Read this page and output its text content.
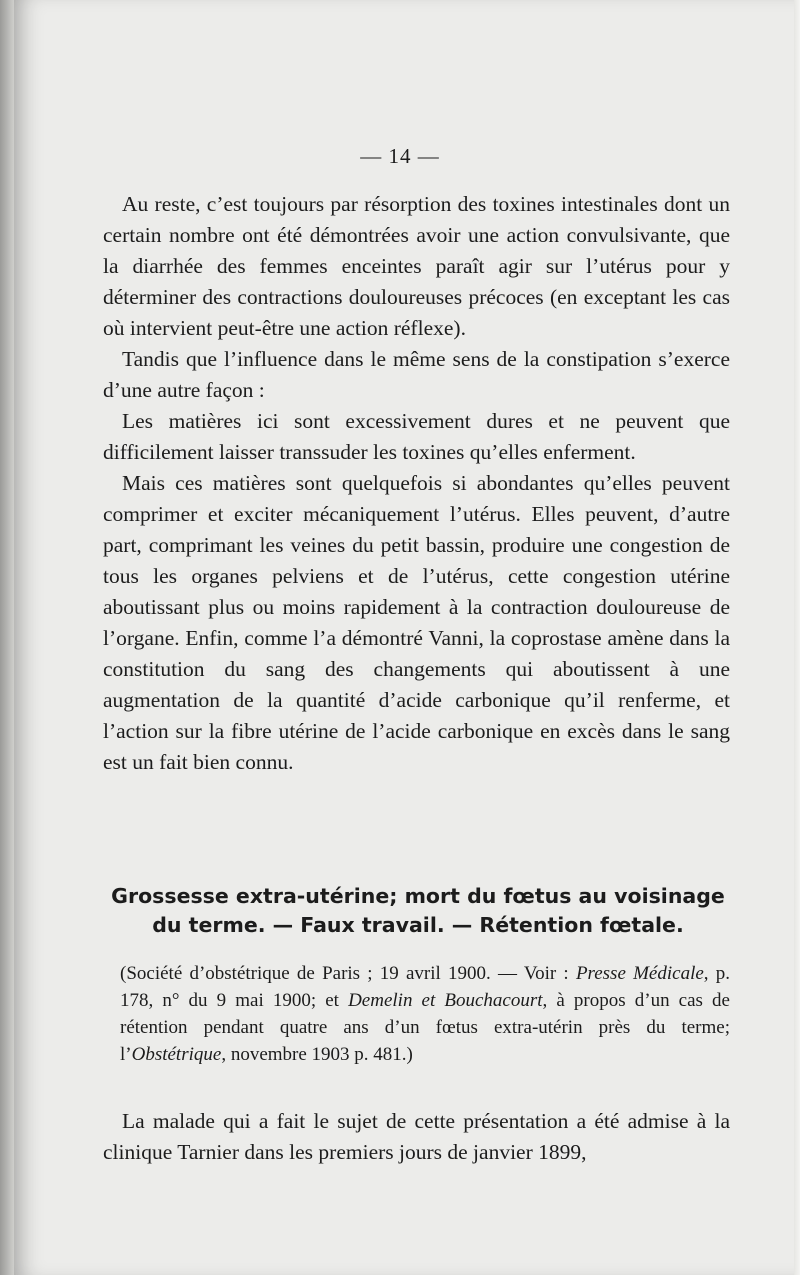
— 14 —

Au reste, c’est toujours par résorption des toxines intestinales dont un certain nombre ont été démontrées avoir une action convulsivante, que la diarrhée des femmes enceintes paraît agir sur l’utérus pour y déterminer des contractions douloureuses précoces (en exceptant les cas où intervient peut-être une action réflexe).

Tandis que l’influence dans le même sens de la constipation s’exerce d’une autre façon :

Les matières ici sont excessivement dures et ne peuvent que difficilement laisser transsuder les toxines qu’elles enferment.

Mais ces matières sont quelquefois si abondantes qu’elles peuvent comprimer et exciter mécaniquement l’utérus. Elles peuvent, d’autre part, comprimant les veines du petit bassin, produire une congestion de tous les organes pelviens et de l’utérus, cette congestion utérine aboutissant plus ou moins rapidement à la contraction douloureuse de l’organe. Enfin, comme l’a démontré Vanni, la coprostase amène dans la constitution du sang des changements qui aboutissent à une augmentation de la quantité d’acide carbonique qu’il renferme, et l’action sur la fibre utérine de l’acide carbonique en excès dans le sang est un fait bien connu.

Grossesse extra-utérine; mort du fœtus au voisinage
du terme. — Faux travail. — Rétention fœtale.
(Société d’obstétrique de Paris ; 19 avril 1900. — Voir : Presse Médicale, p. 178, n° du 9 mai 1900; et Demelin et Bouchacourt, à propos d’un cas de rétention pendant quatre ans d’un fœtus extra-utérin près du terme; l’Obstétrique, novembre 1903 p. 481.)

La malade qui a fait le sujet de cette présentation a été admise à la clinique Tarnier dans les premiers jours de janvier 1899,
